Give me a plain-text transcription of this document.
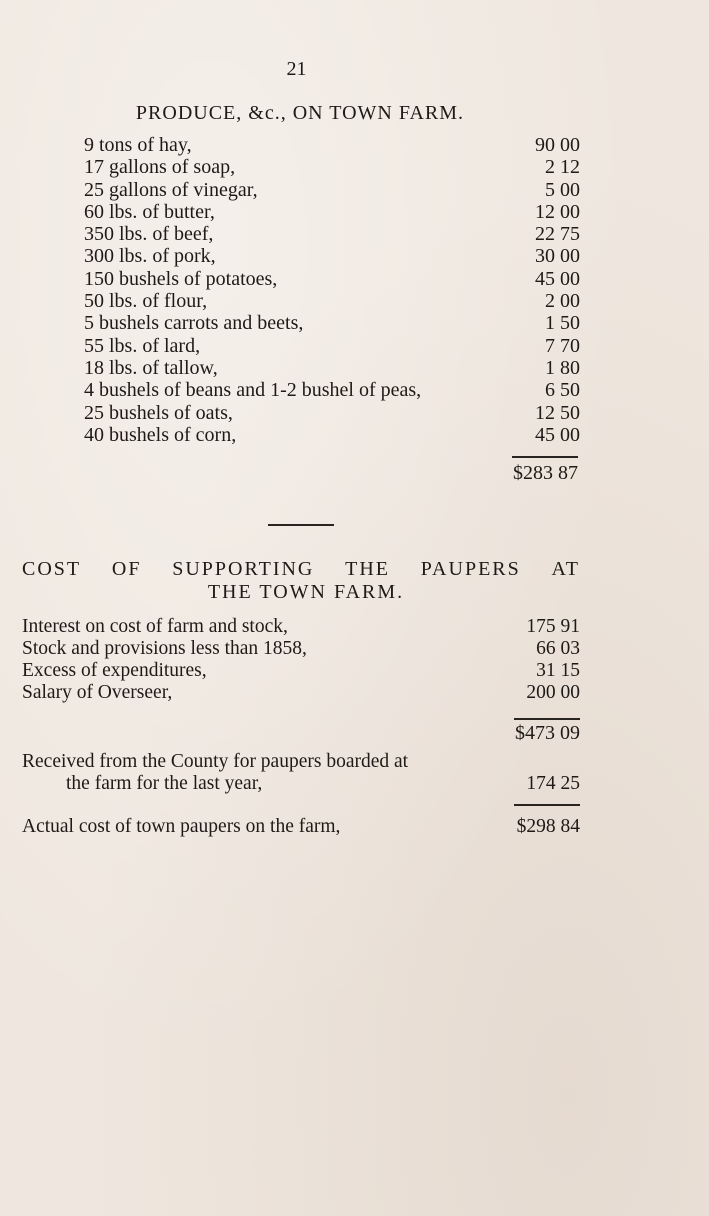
21
PRODUCE, &c., ON TOWN FARM.
9 tons of hay,	90 00
17 gallons of soap,	2 12
25 gallons of vinegar,	5 00
60 lbs. of butter,	12 00
350 lbs. of beef,	22 75
300 lbs. of pork,	30 00
150 bushels of potatoes,	45 00
50 lbs. of flour,	2 00
5 bushels carrots and beets,	1 50
55 lbs. of lard,	7 70
18 lbs. of tallow,	1 80
4 bushels of beans and 1-2 bushel of peas,	6 50
25 bushels of oats,	12 50
40 bushels of corn,	45 00
$283 87
COST OF SUPPORTING THE PAUPERS AT
THE TOWN FARM.
Interest on cost of farm and stock,	175 91
Stock and provisions less than 1858,	66 03
Excess of expenditures,	31 15
Salary of Overseer,	200 00
$473 09
Received from the County for paupers boarded at
the farm for the last year,	174 25
Actual cost of town paupers on the farm,	$298 84
